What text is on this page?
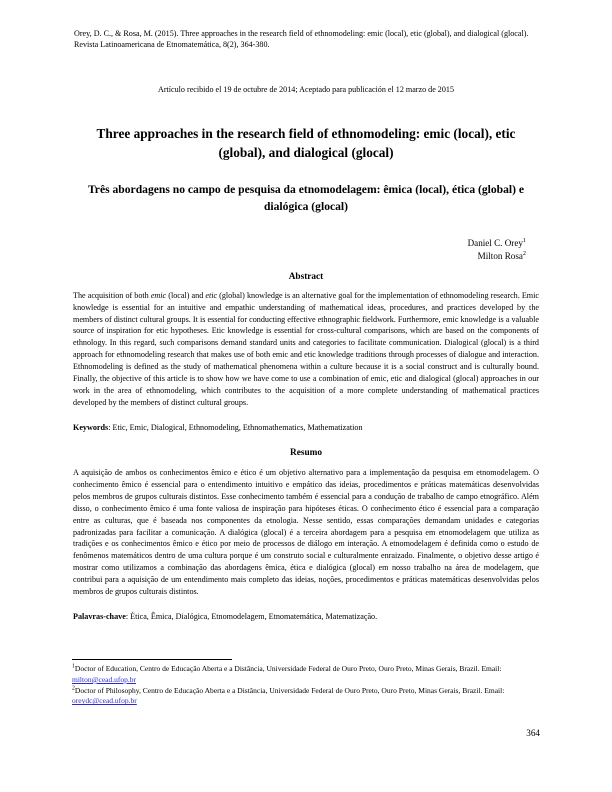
Orey, D. C., & Rosa, M. (2015). Three approaches in the research field of ethnomodeling: emic (local), etic (global), and dialogical (glocal). Revista Latinoamericana de Etnomatemática, 8(2), 364-380.

Artículo recibido el 19 de octubre de 2014; Aceptado para publicación el 12 marzo de 2015

Three approaches in the research field of ethnomodeling: emic (local), etic (global), and dialogical (glocal)
Três abordagens no campo de pesquisa da etnomodelagem: êmica (local), ética (global) e dialógica (glocal)
Daniel C. Orey$^1$
Milton Rosa$^2$

Abstract

The acquisition of both emic (local) and etic (global) knowledge is an alternative goal for the implementation of ethnomodeling research. Emic knowledge is essential for an intuitive and empathic understanding of mathematical ideas, procedures, and practices developed by the members of distinct cultural groups. It is essential for conducting effective ethnographic fieldwork. Furthermore, emic knowledge is a valuable source of inspiration for etic hypotheses. Etic knowledge is essential for cross-cultural comparisons, which are based on the components of ethnology. In this regard, such comparisons demand standard units and categories to facilitate communication. Dialogical (glocal) is a third approach for ethnomodeling research that makes use of both emic and etic knowledge traditions through processes of dialogue and interaction. Ethnomodeling is defined as the study of mathematical phenomena within a culture because it is a social construct and is culturally bound. Finally, the objective of this article is to show how we have come to use a combination of emic, etic and dialogical (glocal) approaches in our work in the area of ethnomodeling, which contributes to the acquisition of a more complete understanding of mathematical practices developed by the members of distinct cultural groups.

Keywords: Etic, Emic, Dialogical, Ethnomodeling, Ethnomathematics, Mathematization

Resumo

A aquisição de ambos os conhecimentos êmico e ético é um objetivo alternativo para a implementação da pesquisa em etnomodelagem. O conhecimento êmico é essencial para o entendimento intuitivo e empático das ideias, procedimentos e práticas matemáticas desenvolvidas pelos membros de grupos culturais distintos. Esse conhecimento também é essencial para a condução de trabalho de campo etnográfico. Além disso, o conhecimento êmico é uma fonte valiosa de inspiração para hipóteses éticas. O conhecimento ético é essencial para a comparação entre as culturas, que é baseada nos componentes da etnologia. Nesse sentido, essas comparações demandam unidades e categorias padronizadas para facilitar a comunicação. A dialógica (glocal) é a terceira abordagem para a pesquisa em etnomodelagem que utiliza as tradições e os conhecimentos êmico e ético por meio de processos de diálogo em interação. A etnomodelagem é definida como o estudo de fenômenos matemáticos dentro de uma cultura porque é um construto social e culturalmente enraizado. Finalmente, o objetivo desse artigo é mostrar como utilizamos a combinação das abordagens êmica, ética e dialógica (glocal) em nosso trabalho na área de modelagem, que contribui para a aquisição de um entendimento mais completo das ideias, noções, procedimentos e práticas matemáticas desenvolvidas pelos membros de grupos culturais distintos.

Palavras-chave: Ética, Êmica, Dialógica, Etnomodelagem, Etnomatemática, Matematização.

$^1$Doctor of Education, Centro de Educação Aberta e a Distância, Universidade Federal de Ouro Preto, Ouro Preto, Minas Gerais, Brazil. Email: milton@cead.ufop.br

$^2$Doctor of Philosophy, Centro de Educação Aberta e a Distância, Universidade Federal de Ouro Preto, Ouro Preto, Minas Gerais, Brazil. Email: oreydc@cead.ufop.br

364
